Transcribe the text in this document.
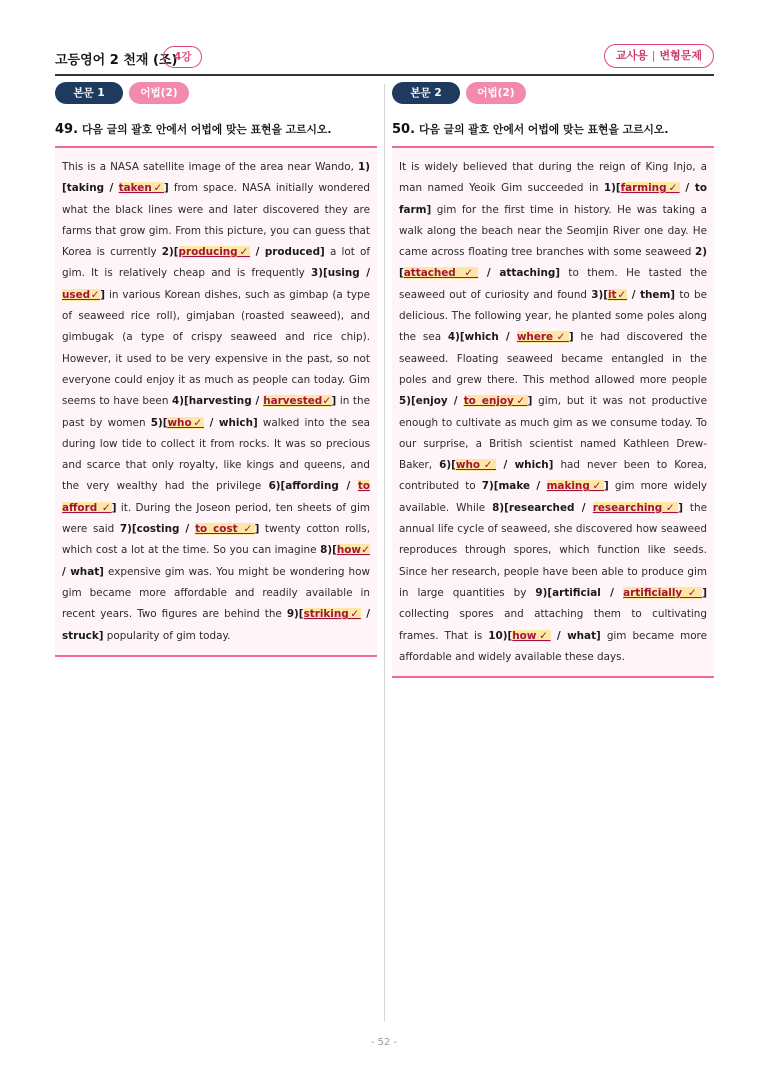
고등영어 2 천재 (조)
4강	교사용 | 변형문제
본문 1	어법(2)
49. 다음 글의 괄호 안에서 어법에 맞는 표현을 고르시오.
This is a NASA satellite image of the area near Wando, 1)[taking / taken✓] from space. NASA initially wondered what the black lines were and later discovered they are farms that grow gim. From this picture, you can guess that Korea is currently 2)[producing✓ / produced] a lot of gim. It is relatively cheap and is frequently 3)[using / used✓] in various Korean dishes, such as gimbap (a type of seaweed rice roll), gimjaban (roasted seaweed), and gimbugak (a type of crispy seaweed and rice chip). However, it used to be very expensive in the past, so not everyone could enjoy it as much as people can today. Gim seems to have been 4)[harvesting / harvested✓] in the past by women 5)[who✓ / which] walked into the sea during low tide to collect it from rocks. It was so precious and scarce that only royalty, like kings and queens, and the very wealthy had the privilege 6)[affording / to afford ✓] it. During the Joseon period, ten sheets of gim were said 7)[costing / to cost ✓] twenty cotton rolls, which cost a lot at the time. So you can imagine 8)[how✓ / what] expensive gim was. You might be wondering how gim became more affordable and readily available in recent years. Two figures are behind the 9)[striking✓ / struck] popularity of gim today.
본문 2	어법(2)
50. 다음 글의 괄호 안에서 어법에 맞는 표현을 고르시오.
It is widely believed that during the reign of King Injo, a man named Yeoik Gim succeeded in 1)[farming✓ / to farm] gim for the first time in history. He was taking a walk along the beach near the Seomjin River one day. He came across floating tree branches with some seaweed 2)[attached ✓ / attaching] to them. He tasted the seaweed out of curiosity and found 3)[it✓ / them] to be delicious. The following year, he planted some poles along the sea 4)[which / where✓] he had discovered the seaweed. Floating seaweed became entangled in the poles and grew there. This method allowed more people 5)[enjoy / to enjoy✓] gim, but it was not productive enough to cultivate as much gim as we consume today. To our surprise, a British scientist named Kathleen Drew-Baker, 6)[who✓ / which] had never been to Korea, contributed to 7)[make / making✓] gim more widely available. While 8)[researched / researching✓] the annual life cycle of seaweed, she discovered how seaweed reproduces through spores, which function like seeds. Since her research, people have been able to produce gim in large quantities by 9)[artificial / artificially✓] collecting spores and attaching them to cultivating frames. That is 10)[how✓ / what] gim became more affordable and widely available these days.
- 52 -
